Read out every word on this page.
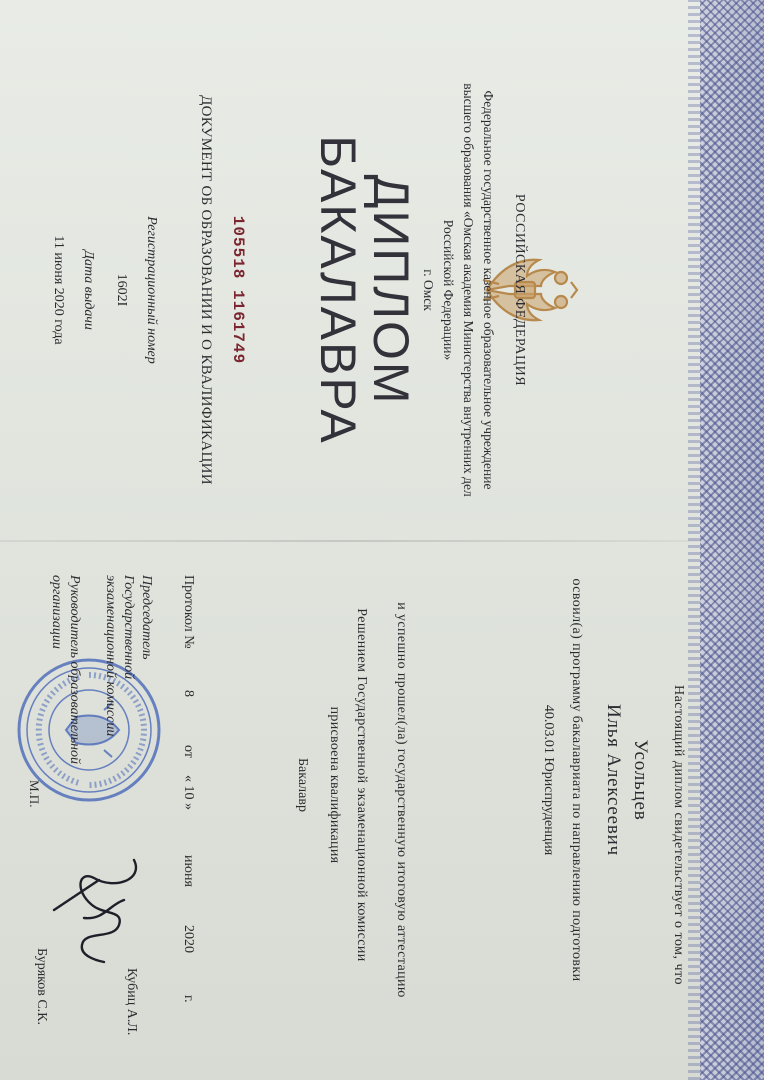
РОССИЙСКАЯ ФЕДЕРАЦИЯ
Федеральное государственное казенное образовательное учреждение
высшего образования «Омская академия Министерства внутренних дел
Российской Федерации»
г. Омск
ДИПЛОМ
БАКАЛАВРА
105518 1161749
ДОКУМЕНТ ОБ ОБРАЗОВАНИИ И О КВАЛИФИКАЦИИ
Регистрационный номер
1602I
Дата выдачи
11 июня 2020 года
Настоящий диплом свидетельствует о том, что
Усольцев
Илья Алексеевич
освоил(а) программу бакалавриата по направлению подготовки
40.03.01 Юриспруденция
и успешно прошел(ла) государственную итоговую аттестацию
Решением Государственной экзаменационной комиссии
присвоена квалификация
Бакалавр
Протокол №
8
от
« 10 »
июня
2020
г.
Председатель
Государственной
экзаменационной комиссии
Кубиц А.Л.
Руководитель образовательной
организации
Буряков С.К.
М.П.
